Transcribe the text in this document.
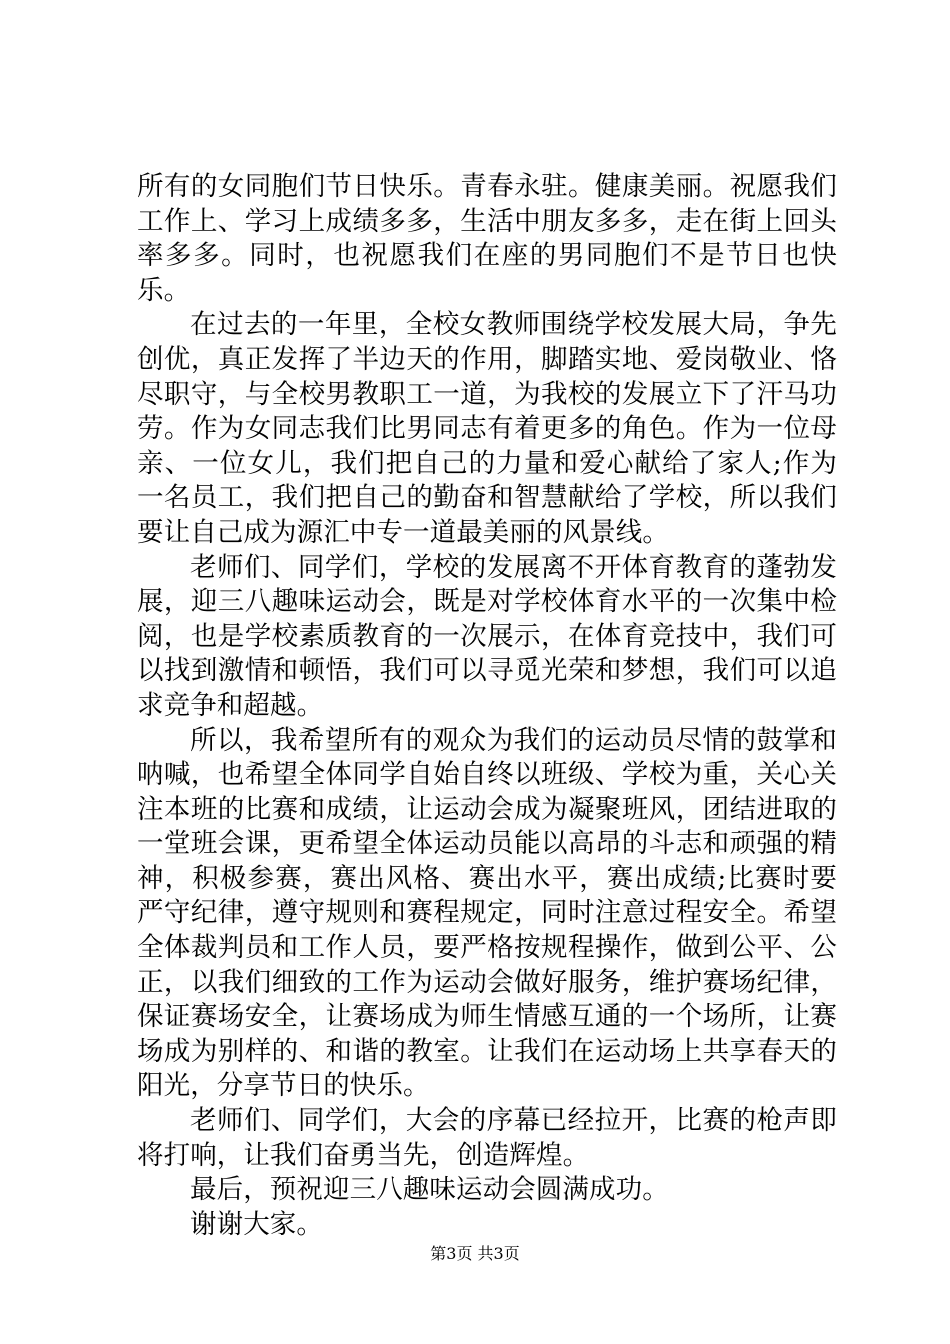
所有的女同胞们节日快乐。青春永驻。健康美丽。祝愿我们工作上、学习上成绩多多，生活中朋友多多，走在街上回头率多多。同时，也祝愿我们在座的男同胞们不是节日也快乐。

在过去的一年里，全校女教师围绕学校发展大局，争先创优，真正发挥了半边天的作用，脚踏实地、爱岗敬业、恪尽职守，与全校男教职工一道，为我校的发展立下了汗马功劳。作为女同志我们比男同志有着更多的角色。作为一位母亲、一位女儿，我们把自己的力量和爱心献给了家人;作为一名员工，我们把自己的勤奋和智慧献给了学校，所以我们要让自己成为源汇中专一道最美丽的风景线。

老师们、同学们，学校的发展离不开体育教育的蓬勃发展，迎三八趣味运动会，既是对学校体育水平的一次集中检阅，也是学校素质教育的一次展示，在体育竞技中，我们可以找到激情和顿悟，我们可以寻觅光荣和梦想，我们可以追求竞争和超越。

所以，我希望所有的观众为我们的运动员尽情的鼓掌和呐喊，也希望全体同学自始自终以班级、学校为重，关心关注本班的比赛和成绩，让运动会成为凝聚班风，团结进取的一堂班会课，更希望全体运动员能以高昂的斗志和顽强的精神，积极参赛，赛出风格、赛出水平，赛出成绩;比赛时要严守纪律，遵守规则和赛程规定，同时注意过程安全。希望全体裁判员和工作人员，要严格按规程操作，做到公平、公正，以我们细致的工作为运动会做好服务，维护赛场纪律，保证赛场安全，让赛场成为师生情感互通的一个场所，让赛场成为别样的、和谐的教室。让我们在运动场上共享春天的阳光，分享节日的快乐。

老师们、同学们，大会的序幕已经拉开，比赛的枪声即将打响，让我们奋勇当先，创造辉煌。

最后，预祝迎三八趣味运动会圆满成功。

谢谢大家。

第3页 共3页
